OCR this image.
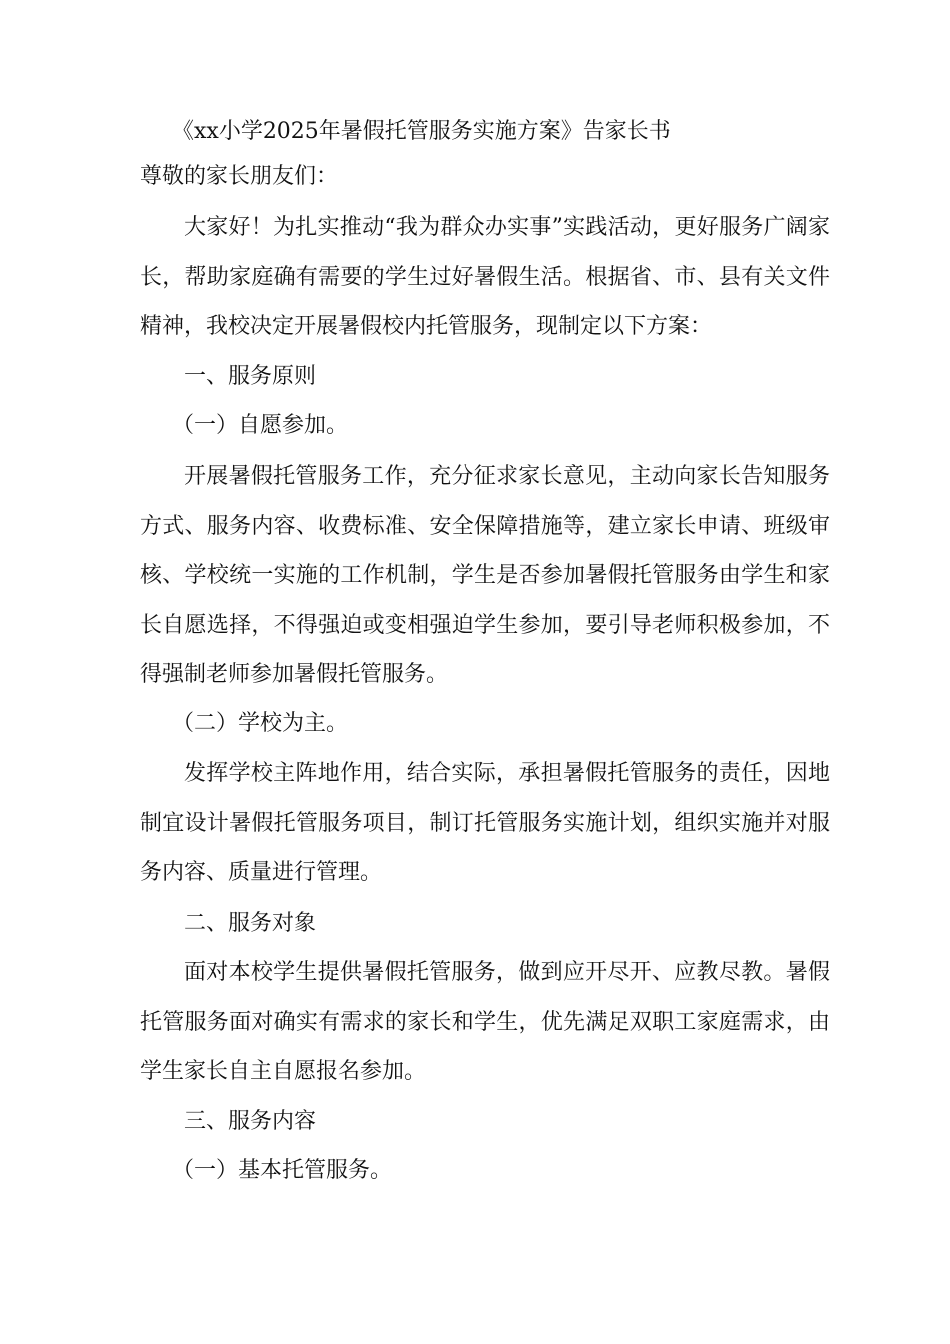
《xx小学2025年暑假托管服务实施方案》告家长书
尊敬的家长朋友们：
大家好！为扎实推动“我为群众办实事”实践活动，更好服务广阔家长，帮助家庭确有需要的学生过好暑假生活。根据省、市、县有关文件精神，我校决定开展暑假校内托管服务，现制定以下方案：
一、服务原则
（一）自愿参加。
开展暑假托管服务工作，充分征求家长意见，主动向家长告知服务方式、服务内容、收费标准、安全保障措施等，建立家长申请、班级审核、学校统一实施的工作机制，学生是否参加暑假托管服务由学生和家长自愿选择，不得强迫或变相强迫学生参加，要引导老师积极参加，不得强制老师参加暑假托管服务。
（二）学校为主。
发挥学校主阵地作用，结合实际，承担暑假托管服务的责任，因地制宜设计暑假托管服务项目，制订托管服务实施计划，组织实施并对服务内容、质量进行管理。
二、服务对象
面对本校学生提供暑假托管服务，做到应开尽开、应教尽教。暑假托管服务面对确实有需求的家长和学生，优先满足双职工家庭需求，由学生家长自主自愿报名参加。
三、服务内容
（一）基本托管服务。
